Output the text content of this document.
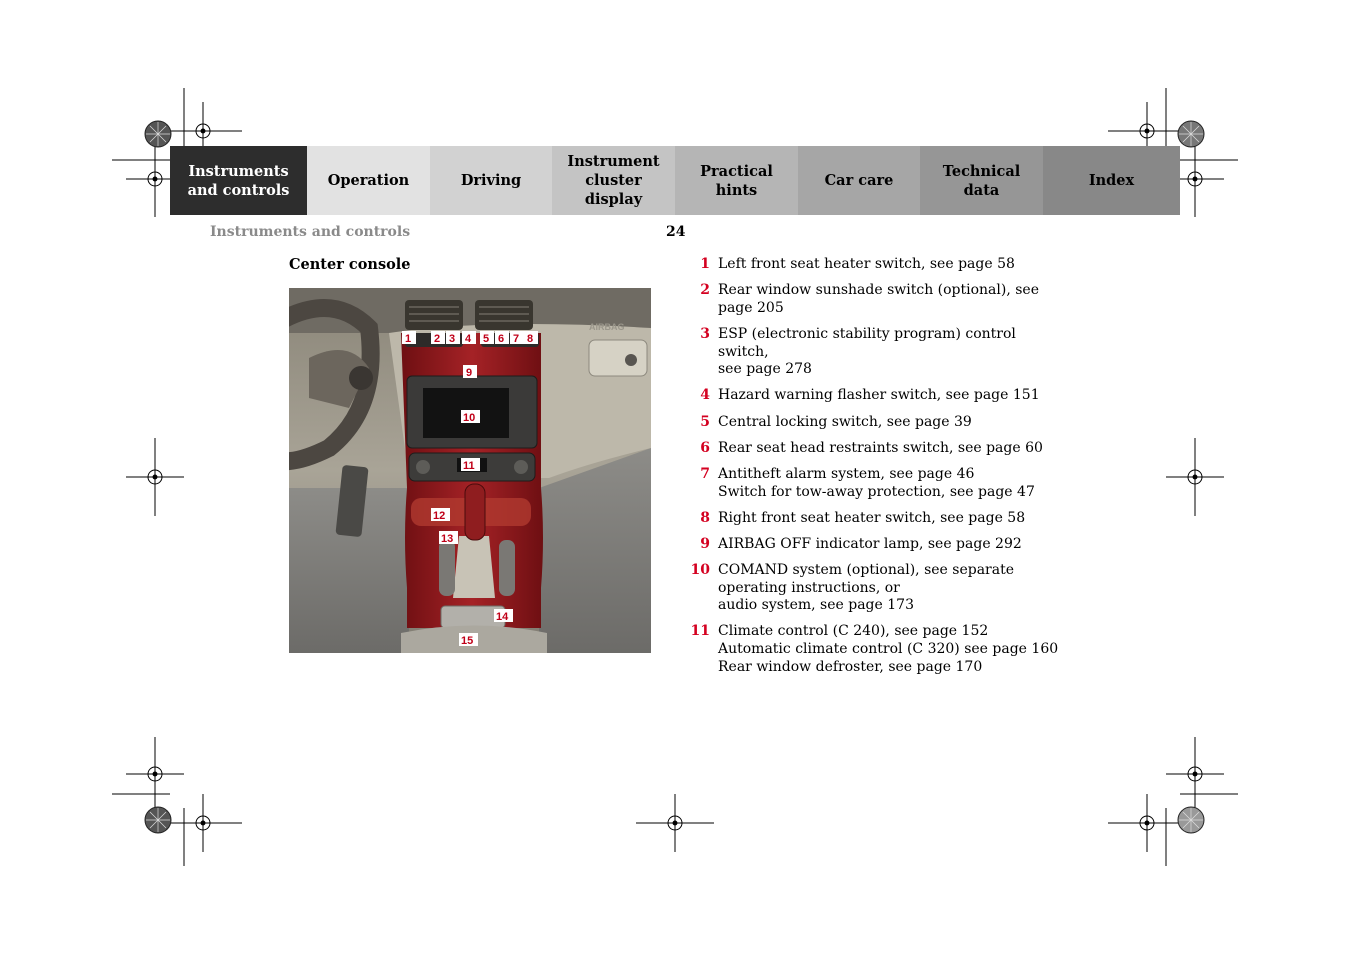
Instruments
and controls
Operation	Driving
Instrument
cluster display
Practical hints
Car care
Technical
data
Index
Instruments and controls	24
Center console
AIRBAG
1 2 3 4 5 6 7 8
9
10
11
12
13
14
15
1 Left front seat heater switch, see page 58
2 Rear window sunshade switch (optional), see
page 205
3 ESP (electronic stability program) control switch,
see page 278
4 Hazard warning flasher switch, see page 151
5 Central locking switch, see page 39
6 Rear seat head restraints switch, see page 60
7 Antitheft alarm system, see page 46
Switch for tow-away protection, see page 47
8 Right front seat heater switch, see page 58
9 AIRBAG OFF indicator lamp, see page 292
10 COMAND system (optional), see separate
operating instructions, or
audio system, see page 173
11 Climate control (C 240), see page 152
Automatic climate control (C 320) see page 160
Rear window defroster, see page 170
